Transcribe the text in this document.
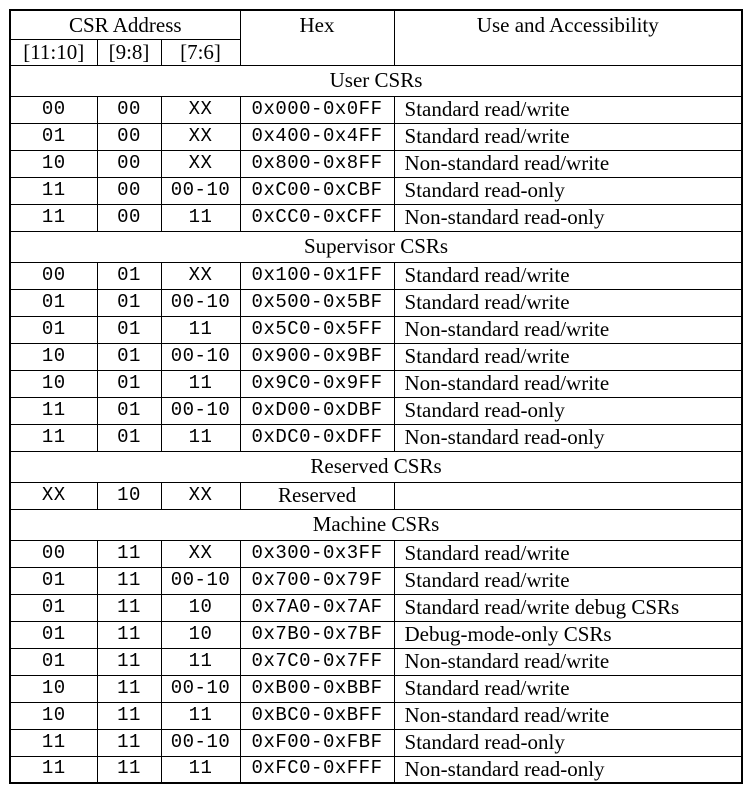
CSR Address			Hex	Use and Accessibility
[11:10]	[9:8]	[7:6]		
User CSRs				
00	00	XX	0x000-0x0FF	Standard read/write
01	00	XX	0x400-0x4FF	Standard read/write
10	00	XX	0x800-0x8FF	Non-standard read/write
11	00	00-10	0xC00-0xCBF	Standard read-only
11	00	11	0xCC0-0xCFF	Non-standard read-only
Supervisor CSRs				
00	01	XX	0x100-0x1FF	Standard read/write
01	01	00-10	0x500-0x5BF	Standard read/write
01	01	11	0x5C0-0x5FF	Non-standard read/write
10	01	00-10	0x900-0x9BF	Standard read/write
10	01	11	0x9C0-0x9FF	Non-standard read/write
11	01	00-10	0xD00-0xDBF	Standard read-only
11	01	11	0xDC0-0xDFF	Non-standard read-only
Reserved CSRs				
XX	10	XX	Reserved	
Machine CSRs				
00	11	XX	0x300-0x3FF	Standard read/write
01	11	00-10	0x700-0x79F	Standard read/write
01	11	10	0x7A0-0x7AF	Standard read/write debug CSRs
01	11	10	0x7B0-0x7BF	Debug-mode-only CSRs
01	11	11	0x7C0-0x7FF	Non-standard read/write
10	11	00-10	0xB00-0xBBF	Standard read/write
10	11	11	0xBC0-0xBFF	Non-standard read/write
11	11	00-10	0xF00-0xFBF	Standard read-only
11	11	11	0xFC0-0xFFF	Non-standard read-only
